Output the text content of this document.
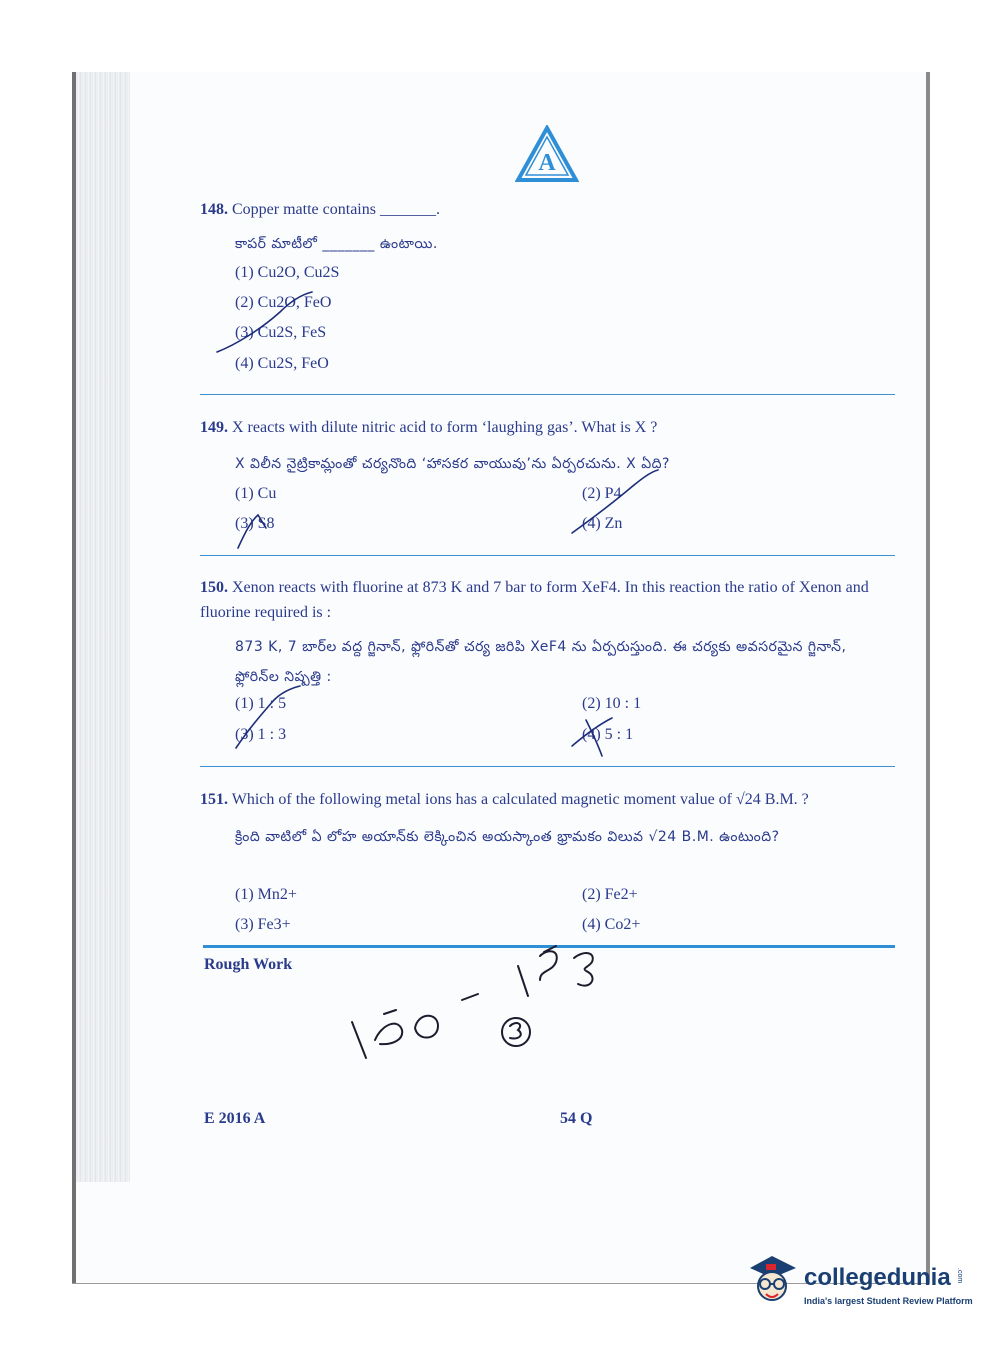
A
148. Copper matte contains _______.
కాపర్ మాటీలో _______ ఉంటాయి.
(1) Cu2O, Cu2S
(2) Cu2O, FeO
(3) Cu2S, FeS
(4) Cu2S, FeO
149. X reacts with dilute nitric acid to form ‘laughing gas’. What is X ?
X విలీన నైట్రికామ్లంతో చర్యనొంది ‘హాసకర వాయువు’ను ఏర్పరచును. X ఏది?
(1) Cu	(2) P4
(3) S8	(4) Zn
150. Xenon reacts with fluorine at 873 K and 7 bar to form XeF4. In this reaction the ratio of Xenon and fluorine required is :
873 K, 7 బార్‌ల వద్ద గ్జినాన్, ఫ్లోరిన్‌తో చర్య జరిపి XeF4 ను ఏర్పరుస్తుంది. ఈ చర్యకు అవసరమైన గ్జినాన్, ఫ్లోరిన్‌ల నిష్పత్తి :
(1) 1 : 5	(2) 10 : 1
(3) 1 : 3	(4) 5 : 1
151. Which of the following metal ions has a calculated magnetic moment value of √24 B.M. ?
క్రింది వాటిలో ఏ లోహ అయాన్‌కు లెక్కించిన అయస్కాంత భ్రామకం విలువ √24 B.M. ఉంటుంది?
(1) Mn2+	(2) Fe2+
(3) Fe3+	(4) Co2+
Rough Work
E 2016 A	54 Q
collegedunia .com
India's largest Student Review Platform
